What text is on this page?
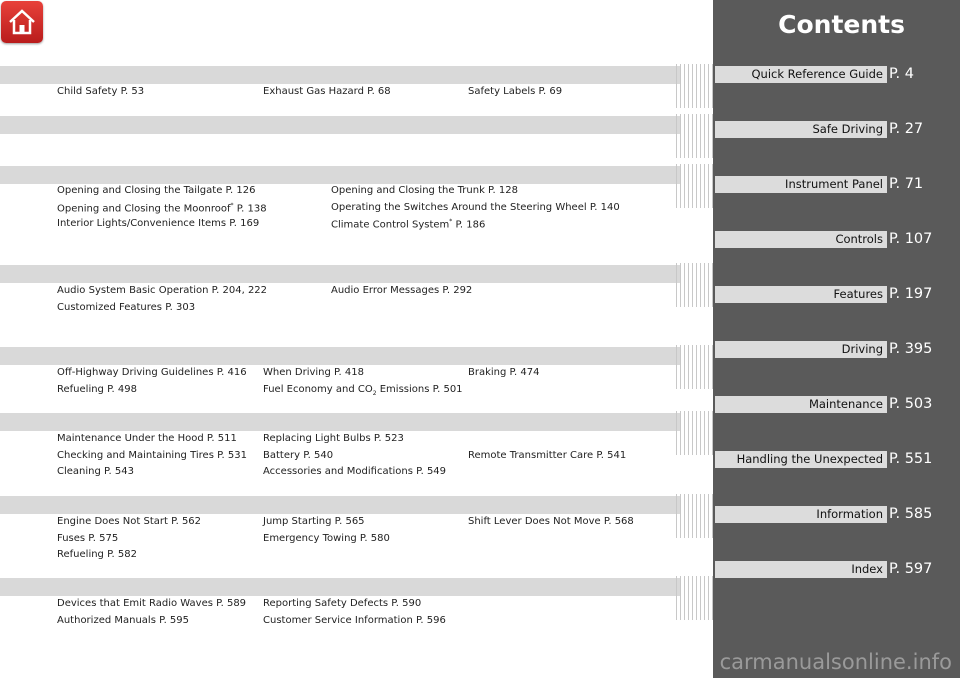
Child Safety P. 53	Exhaust Gas Hazard P. 68	Safety Labels P. 69
Opening and Closing the Tailgate P. 126	Opening and Closing the Trunk P. 128
Opening and Closing the Moonroof* P. 138	Operating the Switches Around the Steering Wheel P. 140
Interior Lights/Convenience Items P. 169	Climate Control System* P. 186
Audio System Basic Operation P. 204, 222	Audio Error Messages P. 292
Customized Features P. 303
Off-Highway Driving Guidelines P. 416 When Driving P. 418	Braking P. 474
Refueling P. 498	Fuel Economy and $CO_2$ Emissions P. 501
Maintenance Under the Hood P. 511	Replacing Light Bulbs P. 523
Checking and Maintaining Tires P. 531 Battery P. 540	Remote Transmitter Care P. 541
Cleaning P. 543	Accessories and Modifications P. 549
Engine Does Not Start P. 562	Jump Starting P. 565	Shift Lever Does Not Move P. 568
Fuses P. 575	Emergency Towing P. 580
Refueling P. 582
Devices that Emit Radio Waves P. 589 Reporting Safety Defects P. 590
Authorized Manuals P. 595	Customer Service Information P. 596
Contents
Quick Reference Guide P. 4
Safe Driving P. 27
Instrument Panel P. 71
Controls P. 107
Features P. 197
Driving P. 395
Maintenance P. 503
Handling the Unexpected P. 551
Information P. 585
Index P. 597
carmanualsonline.info
